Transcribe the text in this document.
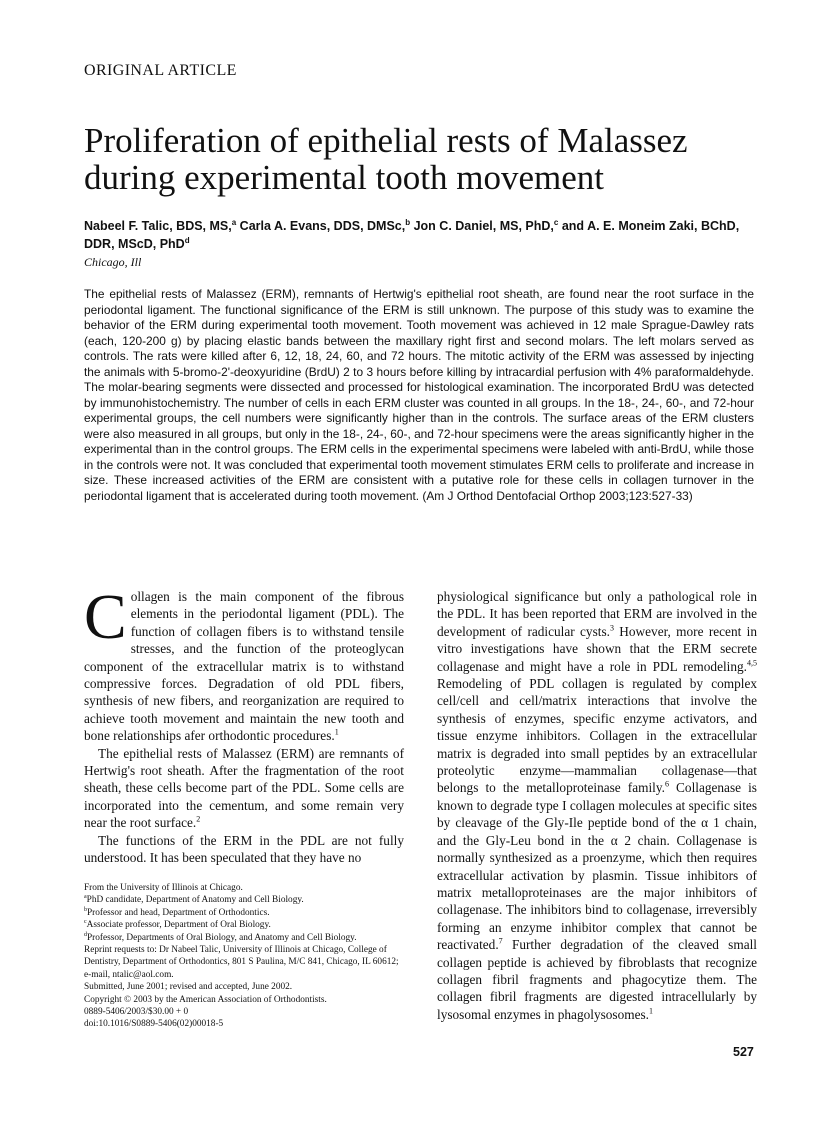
ORIGINAL ARTICLE
Proliferation of epithelial rests of Malassez
during experimental tooth movement
Nabeel F. Talic, BDS, MS,$^a$ Carla A. Evans, DDS, DMSc,$^b$ Jon C. Daniel, MS, PhD,$^c$ and A. E. Moneim Zaki, BChD, DDR, MScD, PhD$^d$
Chicago, Ill

The epithelial rests of Malassez (ERM), remnants of Hertwig's epithelial root sheath, are found near the root surface in the periodontal ligament. The functional significance of the ERM is still unknown. The purpose of this study was to examine the behavior of the ERM during experimental tooth movement. Tooth movement was achieved in 12 male Sprague-Dawley rats (each, 120-200 g) by placing elastic bands between the maxillary right first and second molars. The left molars served as controls. The rats were killed after 6, 12, 18, 24, 60, and 72 hours. The mitotic activity of the ERM was assessed by injecting the animals with 5-bromo-2'-deoxyuridine (BrdU) 2 to 3 hours before killing by intracardial perfusion with 4% paraformaldehyde. The molar-bearing segments were dissected and processed for histological examination. The incorporated BrdU was detected by immunohistochemistry. The number of cells in each ERM cluster was counted in all groups. In the 18-, 24-, 60-, and 72-hour experimental groups, the cell numbers were significantly higher than in the controls. The surface areas of the ERM clusters were also measured in all groups, but only in the 18-, 24-, 60-, and 72-hour specimens were the areas significantly higher in the experimental than in the control groups. The ERM cells in the experimental specimens were labeled with anti-BrdU, while those in the controls were not. It was concluded that experimental tooth movement stimulates ERM cells to proliferate and increase in size. These increased activities of the ERM are consistent with a putative role for these cells in collagen turnover in the periodontal ligament that is accelerated during tooth movement. (Am J Orthod Dentofacial Orthop 2003;123:527-33)

Collagen is the main component of the fibrous elements in the periodontal ligament (PDL). The function of collagen fibers is to withstand tensile stresses, and the function of the proteoglycan component of the extracellular matrix is to withstand compressive forces. Degradation of old PDL fibers, synthesis of new fibers, and reorganization are required to achieve tooth movement and maintain the new tooth and bone relationships afer orthodontic procedures.$^1$

The epithelial rests of Malassez (ERM) are remnants of Hertwig's root sheath. After the fragmentation of the root sheath, these cells become part of the PDL. Some cells are incorporated into the cementum, and some remain very near the root surface.$^2$

The functions of the ERM in the PDL are not fully understood. It has been speculated that they have no

physiological significance but only a pathological role in the PDL. It has been reported that ERM are involved in the development of radicular cysts.$^3$ However, more recent in vitro investigations have shown that the ERM secrete collagenase and might have a role in PDL remodeling.$^{4,5}$ Remodeling of PDL collagen is regulated by complex cell/cell and cell/matrix interactions that involve the synthesis of enzymes, specific enzyme activators, and tissue enzyme inhibitors. Collagen in the extracellular matrix is degraded into small peptides by an extracellular proteolytic enzyme—mammalian collagenase—that belongs to the metalloproteinase family.$^6$ Collagenase is known to degrade type I collagen molecules at specific sites by cleavage of the Gly-Ile peptide bond of the α 1 chain, and the Gly-Leu bond in the α 2 chain. Collagenase is normally synthesized as a proenzyme, which then requires extracellular activation by plasmin. Tissue inhibitors of matrix metalloproteinases are the major inhibitors of collagenase. The inhibitors bind to collagenase, irreversibly forming an enzyme inhibitor complex that cannot be reactivated.$^7$ Further degradation of the cleaved small collagen peptide is achieved by fibroblasts that recognize collagen fibril fragments and phagocytize them. The collagen fibril fragments are digested intracellularly by lysosomal enzymes in phagolysosomes.$^1$

From the University of Illinois at Chicago.
$^a$PhD candidate, Department of Anatomy and Cell Biology.
$^b$Professor and head, Department of Orthodontics.
$^c$Associate professor, Department of Oral Biology.
$^d$Professor, Departments of Oral Biology, and Anatomy and Cell Biology.
Reprint requests to: Dr Nabeel Talic, University of Illinois at Chicago, College of Dentistry, Department of Orthodontics, 801 S Paulina, M/C 841, Chicago, IL 60612; e-mail, ntalic@aol.com.
Submitted, June 2001; revised and accepted, June 2002.
Copyright © 2003 by the American Association of Orthodontists.
0889-5406/2003/$30.00 + 0
doi:10.1016/S0889-5406(02)00018-5
527
